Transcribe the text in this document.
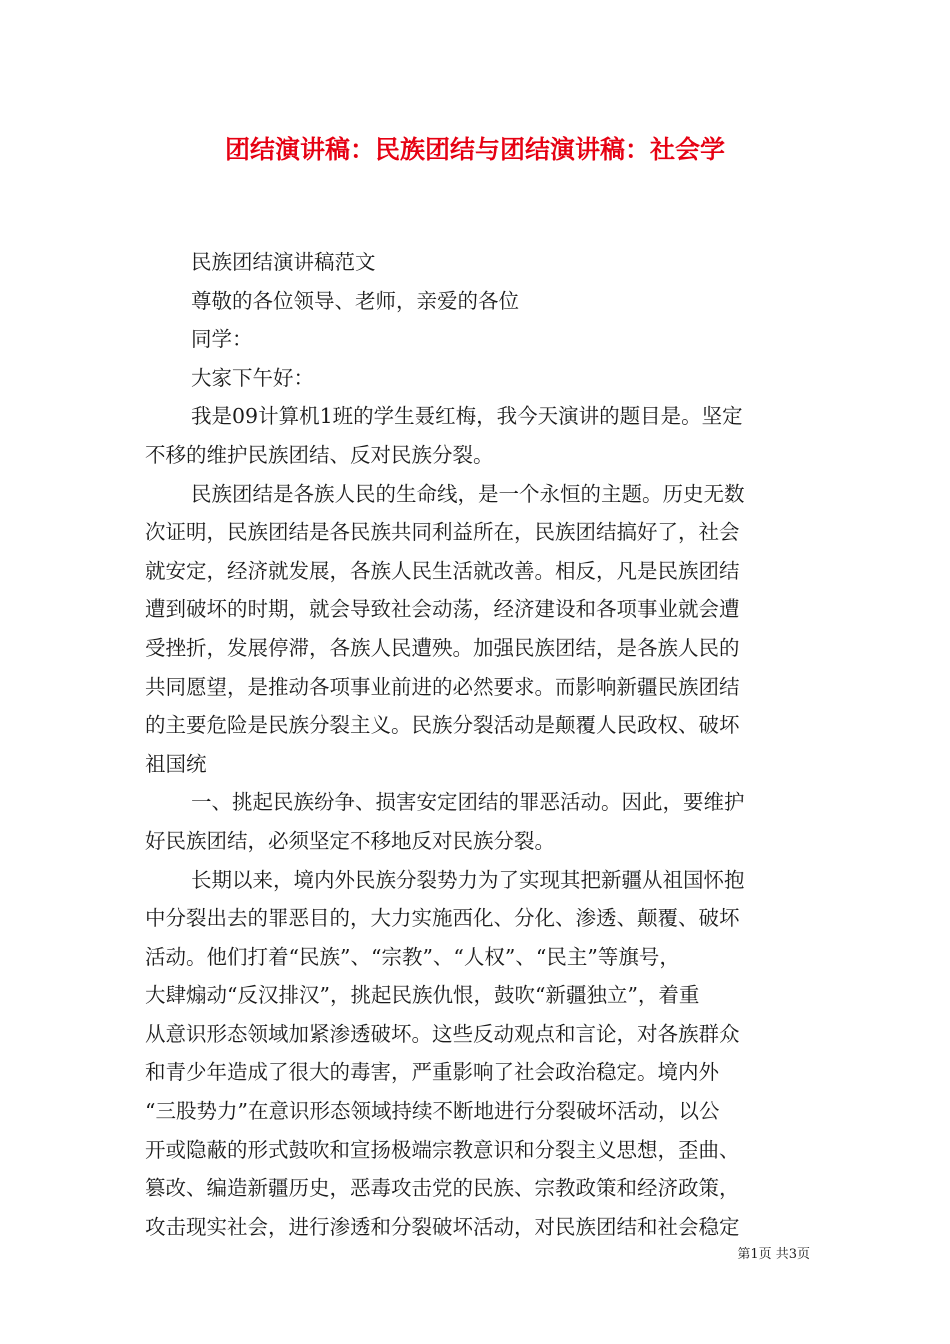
团结演讲稿：民族团结与团结演讲稿：社会学
民族团结演讲稿范文
尊敬的各位领导、老师，亲爱的各位
同学：
大家下午好：
我是09计算机1班的学生聂红梅，我今天演讲的题目是。坚定
不移的维护民族团结、反对民族分裂。
民族团结是各族人民的生命线，是一个永恒的主题。历史无数
次证明，民族团结是各民族共同利益所在，民族团结搞好了，社会
就安定，经济就发展，各族人民生活就改善。相反，凡是民族团结
遭到破坏的时期，就会导致社会动荡，经济建设和各项事业就会遭
受挫折，发展停滞，各族人民遭殃。加强民族团结，是各族人民的
共同愿望，是推动各项事业前进的必然要求。而影响新疆民族团结
的主要危险是民族分裂主义。民族分裂活动是颠覆人民政权、破坏
祖国统
一、挑起民族纷争、损害安定团结的罪恶活动。因此，要维护
好民族团结，必须坚定不移地反对民族分裂。
长期以来，境内外民族分裂势力为了实现其把新疆从祖国怀抱
中分裂出去的罪恶目的，大力实施西化、分化、渗透、颠覆、破坏
活动。他们打着“民族”、“宗教”、“人权”、“民主”等旗号，
大肆煽动“反汉排汉”，挑起民族仇恨，鼓吹“新疆独立”，着重
从意识形态领域加紧渗透破坏。这些反动观点和言论，对各族群众
和青少年造成了很大的毒害，严重影响了社会政治稳定。境内外
“三股势力”在意识形态领域持续不断地进行分裂破坏活动，以公
开或隐蔽的形式鼓吹和宣扬极端宗教意识和分裂主义思想，歪曲、
篡改、编造新疆历史，恶毒攻击党的民族、宗教政策和经济政策，
攻击现实社会，进行渗透和分裂破坏活动，对民族团结和社会稳定
第1页 共3页
